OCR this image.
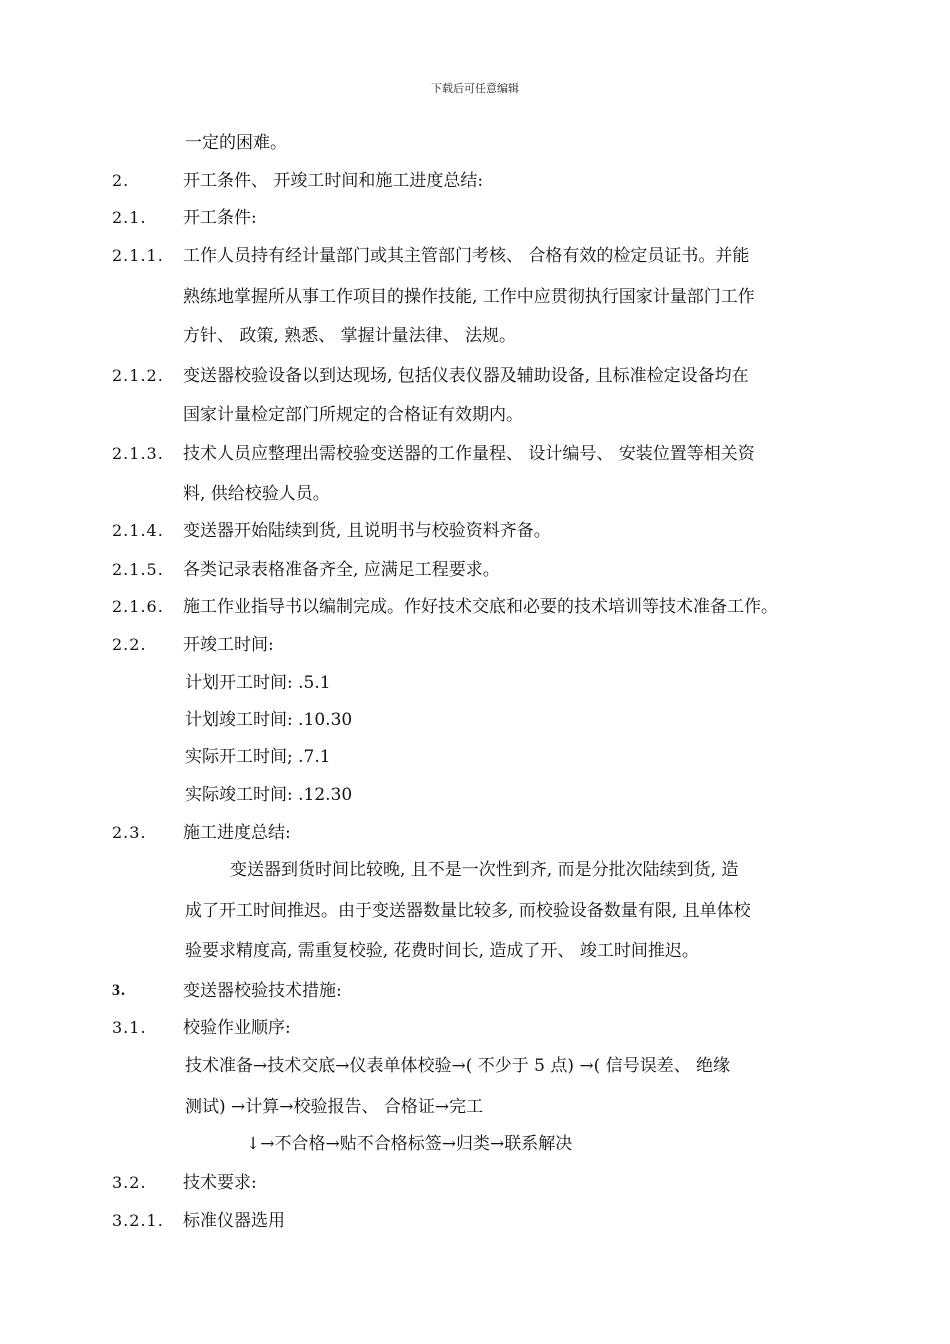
下载后可任意编辑
一定的困难。
2.	开工条件、 开竣工时间和施工进度总结:
2.1. 开工条件:
2.1.1. 工作人员持有经计量部门或其主管部门考核、 合格有效的检定员证书。并能
熟练地掌握所从事工作项目的操作技能, 工作中应贯彻执行国家计量部门工作
方针、 政策, 熟悉、 掌握计量法律、 法规。
2.1.2. 变送器校验设备以到达现场, 包括仪表仪器及辅助设备, 且标准检定设备均在
国家计量检定部门所规定的合格证有效期内。
2.1.3. 技术人员应整理出需校验变送器的工作量程、 设计编号、 安装位置等相关资
料, 供给校验人员。
2.1.4. 变送器开始陆续到货, 且说明书与校验资料齐备。
2.1.5. 各类记录表格准备齐全, 应满足工程要求。
2.1.6. 施工作业指导书以编制完成。作好技术交底和必要的技术培训等技术准备工作。
2.2. 开竣工时间:
计划开工时间: .5.1
计划竣工时间: .10.30
实际开工时间; .7.1
实际竣工时间: .12.30
2.3. 施工进度总结:
变送器到货时间比较晚, 且不是一次性到齐, 而是分批次陆续到货, 造
成了开工时间推迟。由于变送器数量比较多, 而校验设备数量有限, 且单体校
验要求精度高, 需重复校验, 花费时间长, 造成了开、 竣工时间推迟。
3.	变送器校验技术措施:
3.1. 校验作业顺序:
技术准备→技术交底→仪表单体校验→( 不少于 5 点) →( 信号误差、 绝缘
测试) →计算→校验报告、 合格证→完工
↓→不合格→贴不合格标签→归类→联系解决
3.2. 技术要求:
3.2.1. 标准仪器选用
